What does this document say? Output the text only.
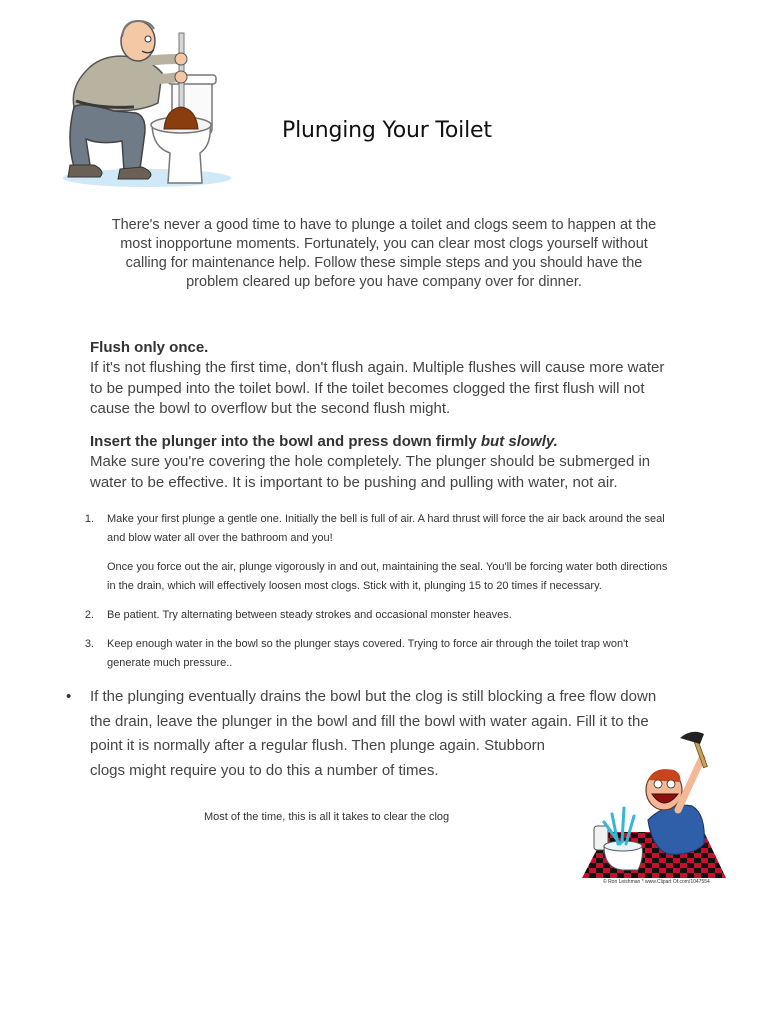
Plunging Your Toilet
There's never a good time to have to plunge a toilet and clogs seem to happen at the most inopportune moments. Fortunately, you can clear most clogs yourself without calling for maintenance help. Follow these simple steps and you should have the problem cleared up before you have company over for dinner.
Flush only once.
If it's not flushing the first time, don't flush again. Multiple flushes will cause more water to be pumped into the toilet bowl. If the toilet becomes clogged the first flush will not cause the bowl to overflow but the second flush might.
Insert the plunger into the bowl and press down firmly but slowly.
Make sure you're covering the hole completely. The plunger should be submerged in water to be effective. It is important to be pushing and pulling with water, not air.
1. Make your first plunge a gentle one. Initially the bell is full of air. A hard thrust will force the air back around the seal and blow water all over the bathroom and you!
Once you force out the air, plunge vigorously in and out, maintaining the seal. You'll be forcing water both directions in the drain, which will effectively loosen most clogs. Stick with it, plunging 15 to 20 times if necessary.
2. Be patient. Try alternating between steady strokes and occasional monster heaves.
3. Keep enough water in the bowl so the plunger stays covered. Trying to force air through the toilet trap won't generate much pressure..
• If the plunging eventually drains the bowl but the clog is still blocking a free flow down
the drain, leave the plunger in the bowl and fill the bowl with water again. Fill it to the
point it is normally after a regular flush. Then plunge again. Stubborn
clogs might require you to do this a number of times.
Most of the time, this is all it takes to clear the clog
© Ron Leishman * www.Clipart Of.com/1047554
